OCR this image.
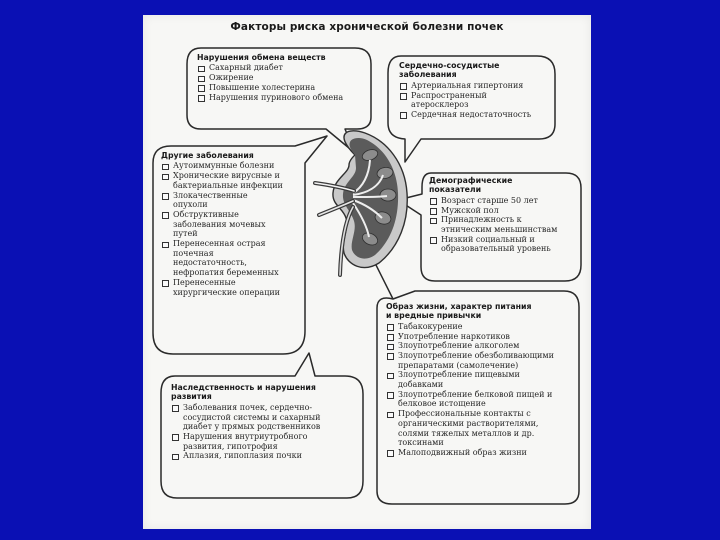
Факторы риска хронической болезни почек
Нарушения обмена веществ
Сахарный диабет
Ожирение
Повышение холестерина
Нарушения пуринового обмена
Сердечно-сосудистые
заболевания
Артериальная гипертония
Распространеный
атеросклероз
Сердечная недостаточность
Другие заболевания
Аутоиммунные болезни
Хронические вирусные и
бактериальные инфекции
Злокачественные
опухоли
Обструктивные
заболевания мочевых
путей
Перенесенная острая
почечная
недостаточность,
нефропатия беременных
Перенесенные
хирургические операции
Демографические
показатели
Возраст старше 50 лет
Мужской пол
Принадлежность к
этническим меньшинствам
Низкий социальный и
образовательный уровень
Образ жизни, характер питания
и вредные привычки
Табакокурение
Употребление наркотиков
Злоупотребление алкоголем
Злоупотребление обезболивающими
препаратами (самолечение)
Злоупотребление пищевыми
добавками
Злоупотребление белковой пищей и
белковое истощение
Профессиональные контакты с
органическими растворителями,
солями тяжелых металлов и др.
токсинами
Малоподвижный образ жизни
Наследственность и нарушения
развития
Заболевания почек, сердечно-
сосудистой системы и сахарный
диабет у прямых родственников
Нарушения внутриутробного
развития, гипотрофия
Аплазия, гипоплазия почки
